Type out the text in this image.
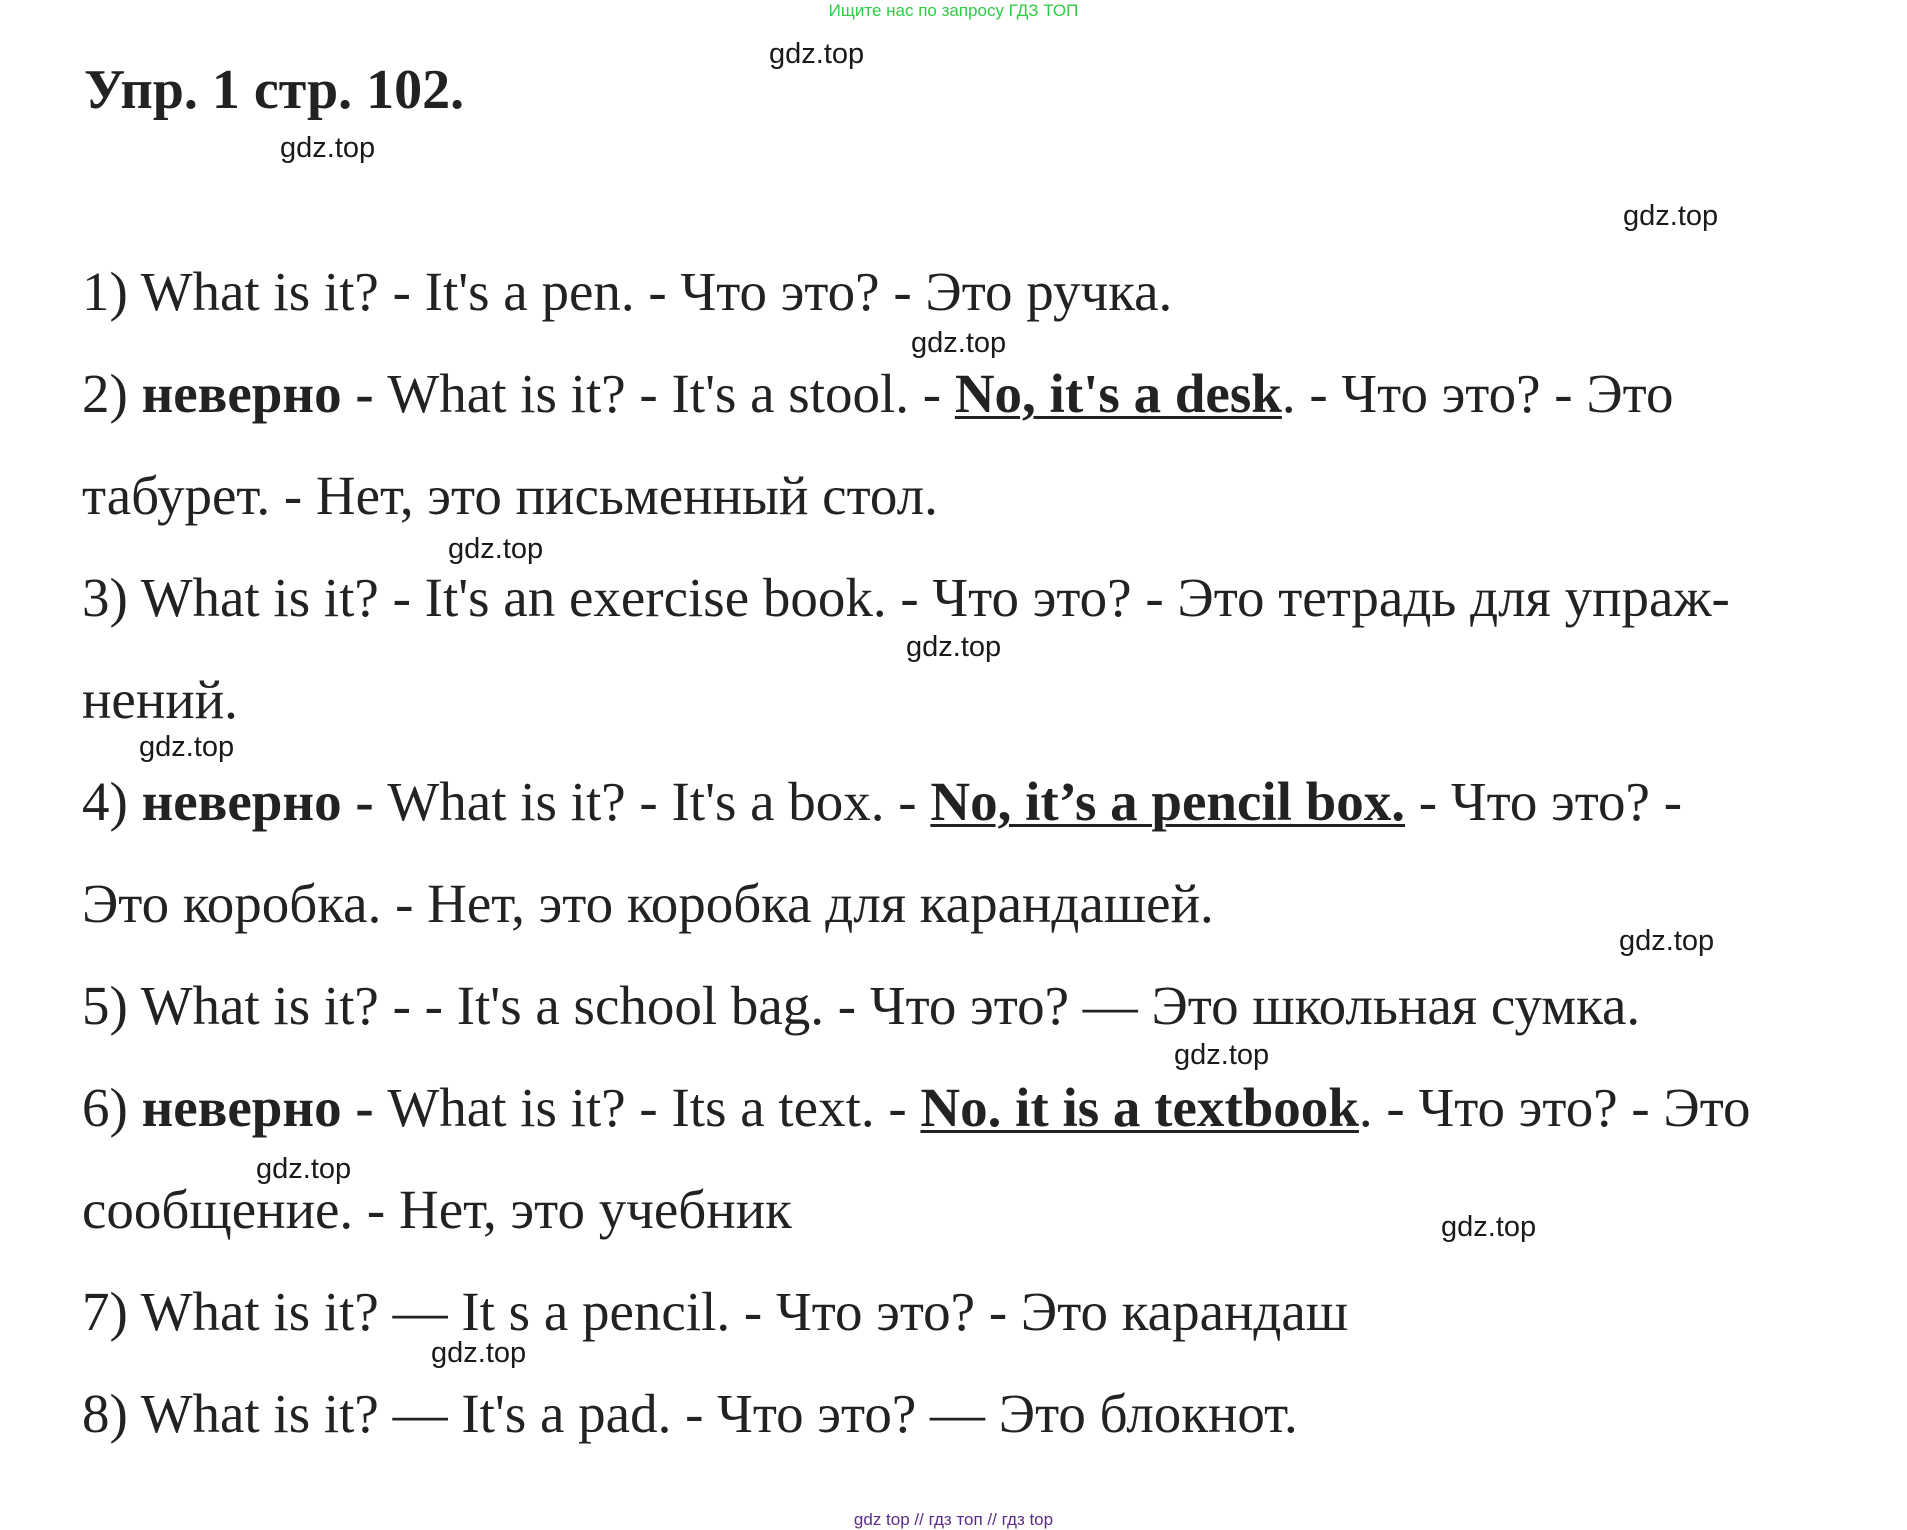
Ищите нас по запросу ГДЗ ТОП
Упр. 1 стр. 102.
1) What is it? - It's a pen. - Что это? - Это ручка.
2) неверно - What is it? - It's a stool. - No, it's a desk. - Что это? - Это
табурет. - Нет, это письменный стол.
3) What is it? - It's an exercise book. - Что это? - Это тетрадь для упраж-
нений.
4) неверно - What is it? - It's a box. - No, it’s a pencil box. - Что это? -
Это коробка. - Нет, это коробка для карандашей.
5) What is it? - - It's a school bag. - Что это? — Это школьная сумка.
6) неверно - What is it? - Its a text. - No. it is a textbook. - Что это? - Это
сообщение. - Нет, это учебник
7) What is it? — It s a pencil. - Что это? - Это карандаш
8) What is it? — It's a pad. - Что это? — Это блокнот.
gdz.top
gdz.top
gdz.top
gdz.top
gdz.top
gdz.top
gdz.top
gdz.top
gdz.top
gdz.top
gdz.top
gdz.top
gdz top // гдз топ // гдз top
